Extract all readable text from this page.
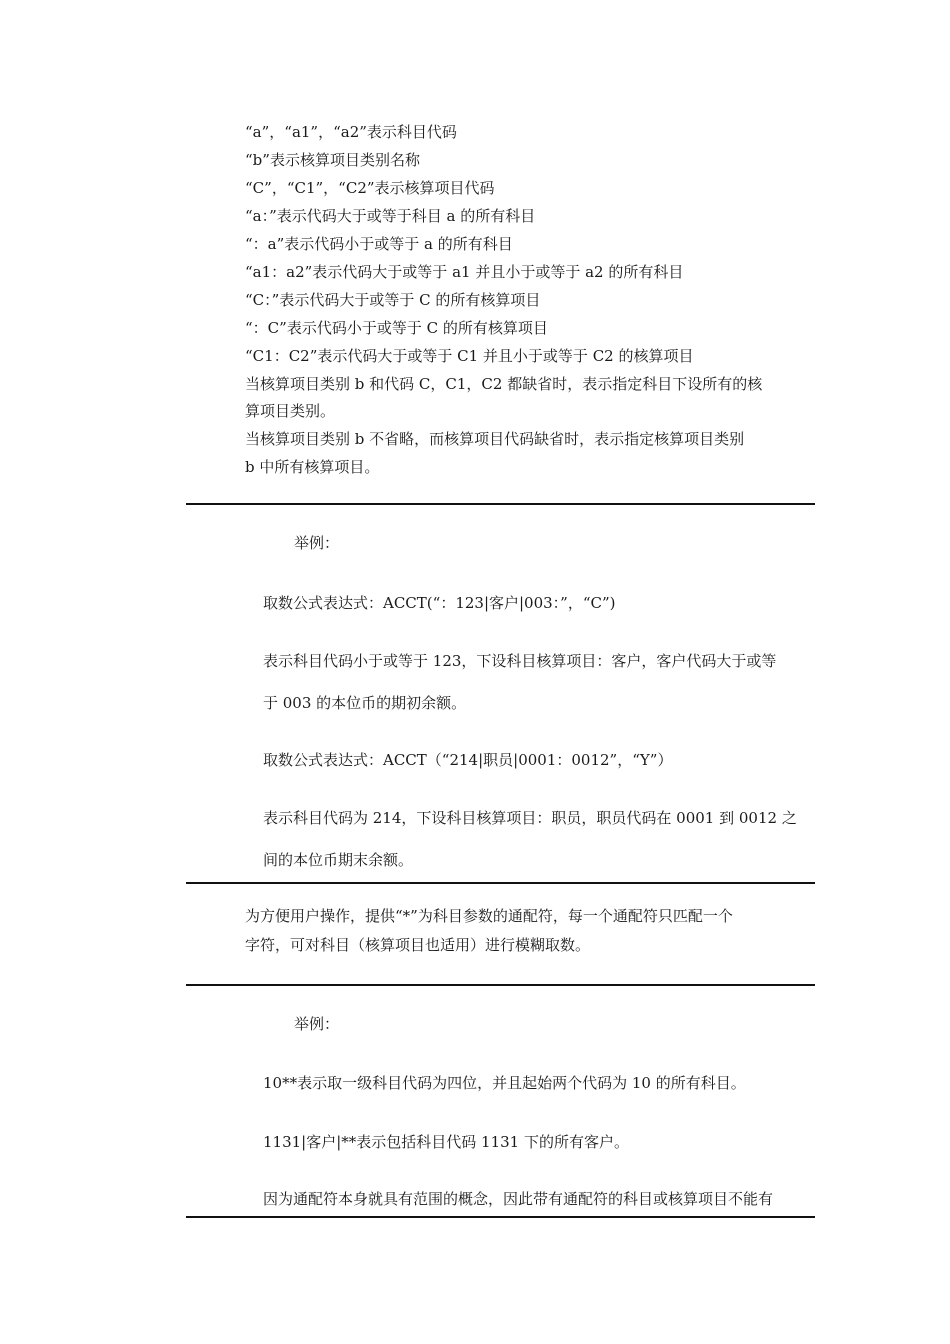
“a”，“a1”，“a2”表示科目代码
“b”表示核算项目类别名称
“C”，“C1”，“C2”表示核算项目代码
“a：”表示代码大于或等于科目 a 的所有科目
“：a”表示代码小于或等于 a 的所有科目
“a1：a2”表示代码大于或等于 a1 并且小于或等于 a2 的所有科目
“C：”表示代码大于或等于 C 的所有核算项目
“：C”表示代码小于或等于 C 的所有核算项目
“C1：C2”表示代码大于或等于 C1 并且小于或等于 C2 的核算项目
当核算项目类别 b 和代码 C，C1，C2 都缺省时，表示指定科目下设所有的核
算项目类别。
当核算项目类别 b 不省略，而核算项目代码缺省时，表示指定核算项目类别
b 中所有核算项目。
举例：
取数公式表达式：ACCT(“：123|客户|003：”，“C”)
表示科目代码小于或等于 123，下设科目核算项目：客户，客户代码大于或等
于 003 的本位币的期初余额。
取数公式表达式：ACCT（“214|职员|0001：0012”，“Y”）
表示科目代码为 214，下设科目核算项目：职员，职员代码在 0001 到 0012 之
间的本位币期末余额。
为方便用户操作，提供“*”为科目参数的通配符，每一个通配符只匹配一个
字符，可对科目（核算项目也适用）进行模糊取数。
举例：
10**表示取一级科目代码为四位，并且起始两个代码为 10 的所有科目。
1131|客户|**表示包括科目代码 1131 下的所有客户。
因为通配符本身就具有范围的概念，因此带有通配符的科目或核算项目不能有
